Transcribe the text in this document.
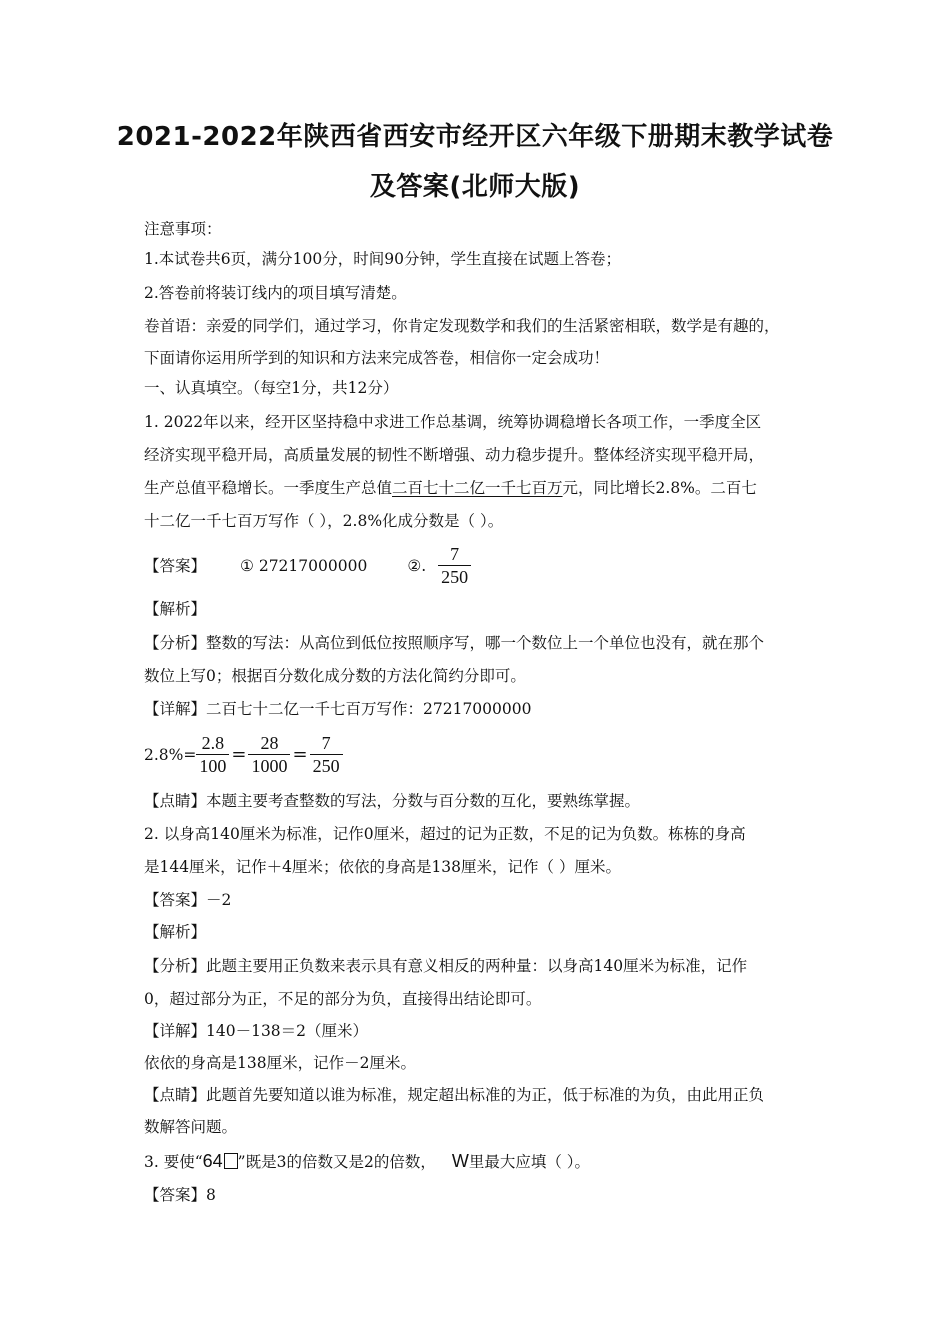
2021-2022年陕西省西安市经开区六年级下册期末教学试卷
及答案(北师大版)
注意事项：
1.本试卷共6页，满分100分，时间90分钟，学生直接在试题上答卷；
2.答卷前将装订线内的项目填写清楚。
卷首语：亲爱的同学们，通过学习，你肯定发现数学和我们的生活紧密相联，数学是有趣的，
下面请你运用所学到的知识和方法来完成答卷，相信你一定会成功！
一、认真填空。（每空1分，共12分）
1. 2022年以来，经开区坚持稳中求进工作总基调，统筹协调稳增长各项工作，一季度全区
经济实现平稳开局，高质量发展的韧性不断增强、动力稳步提升。整体经济实现平稳开局，
生产总值平稳增长。一季度生产总值二百七十二亿一千七百万元，同比增长2.8%。二百七
十二亿一千七百万写作（ ），2.8%化成分数是（ ）。
【答案】 ① 27217000000	②. $\frac{7}{250}$
【解析】
【分析】整数的写法：从高位到低位按照顺序写，哪一个数位上一个单位也没有，就在那个
数位上写0；根据百分数化成分数的方法化简约分即可。
【详解】二百七十二亿一千七百万写作：27217000000
$2.8\%= \frac{2.8}{100} = \frac{28}{1000} = \frac{7}{250}$
【点睛】本题主要考查整数的写法，分数与百分数的互化，要熟练掌握。
2. 以身高140厘米为标准，记作0厘米，超过的记为正数，不足的记为负数。栋栋的身高
是144厘米，记作＋4厘米；依依的身高是138厘米，记作（ ）厘米。
【答案】－2
【解析】
【分析】此题主要用正负数来表示具有意义相反的两种量：以身高140厘米为标准，记作
0，超过部分为正，不足的部分为负，直接得出结论即可。
【详解】140－138＝2（厘米）
依依的身高是138厘米，记作－2厘米。
【点睛】此题首先要知道以谁为标准，规定超出标准的为正，低于标准的为负，由此用正负
数解答问题。
3. 要使“64 ”既是3的倍数又是2的倍数， W里最大应填（ ）。
【答案】8
